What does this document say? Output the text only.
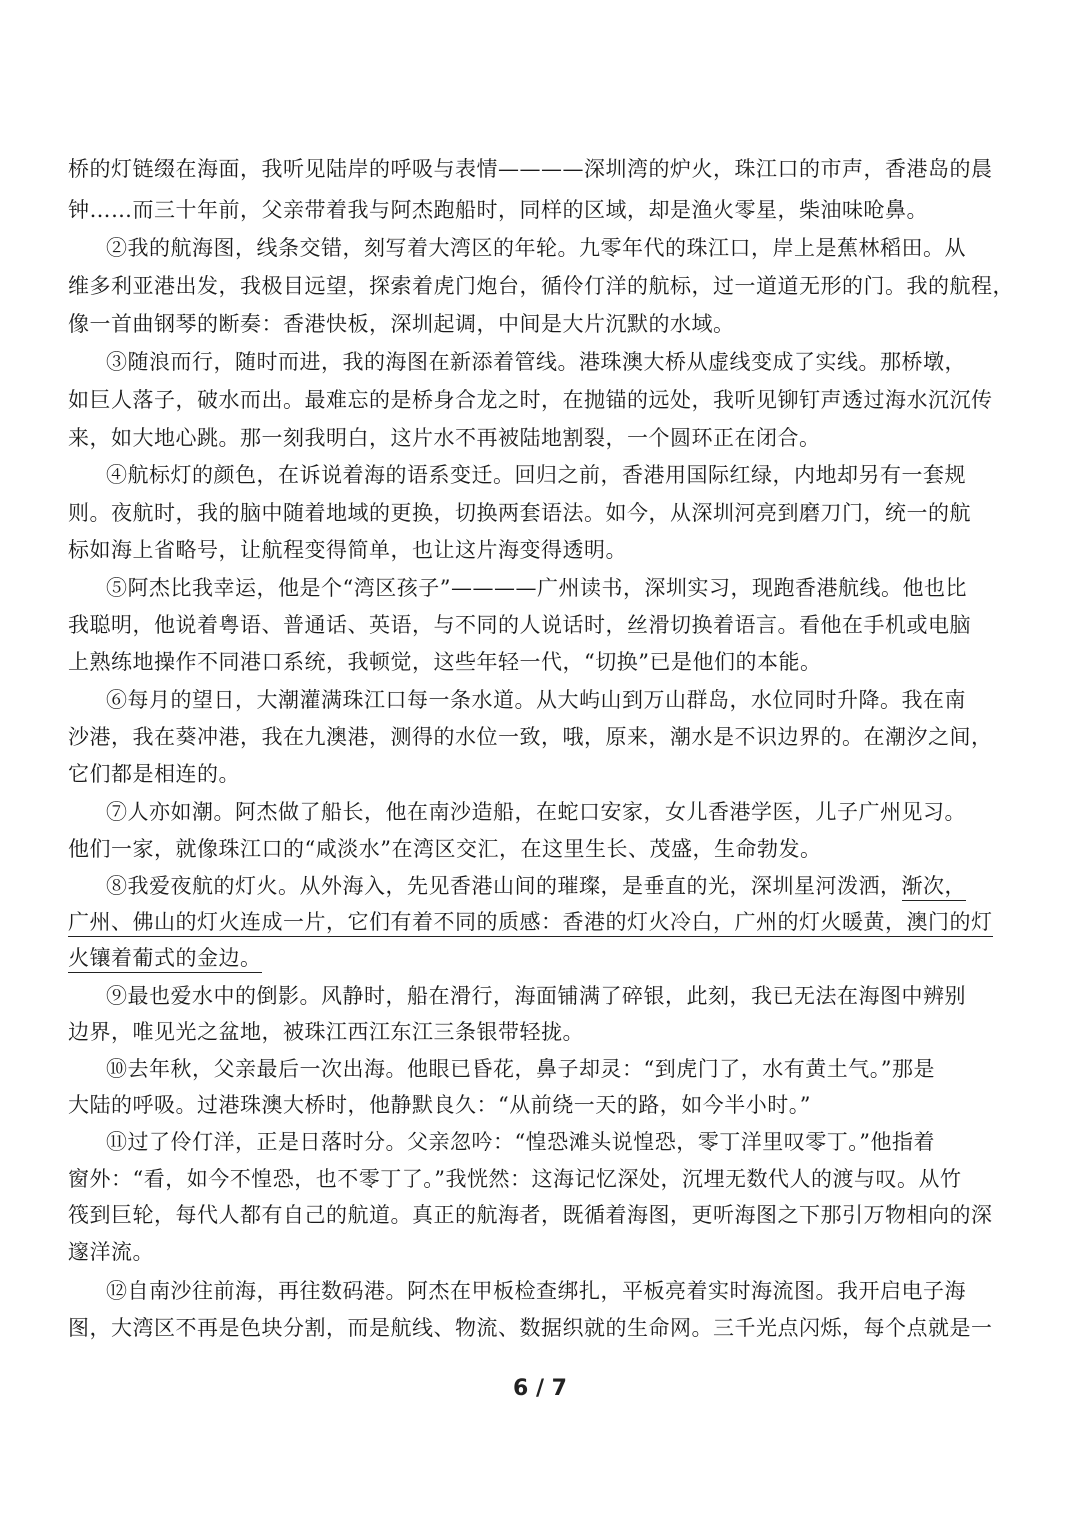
桥的灯链缀在海面，我听见陆岸的呼吸与表情————深圳湾的炉火，珠江口的市声，香港岛的晨
钟……而三十年前，父亲带着我与阿杰跑船时，同样的区域，却是渔火零星，柴油味呛鼻。
②我的航海图，线条交错，刻写着大湾区的年轮。九零年代的珠江口，岸上是蕉林稻田。从
维多利亚港出发，我极目远望，探索着虎门炮台，循伶仃洋的航标，过一道道无形的门。我的航程，
像一首曲钢琴的断奏：香港快板，深圳起调，中间是大片沉默的水域。
③随浪而行，随时而进，我的海图在新添着管线。港珠澳大桥从虚线变成了实线。那桥墩，
如巨人落子，破水而出。最难忘的是桥身合龙之时，在抛锚的远处，我听见铆钉声透过海水沉沉传
来，如大地心跳。那一刻我明白，这片水不再被陆地割裂，一个圆环正在闭合。
④航标灯的颜色，在诉说着海的语系变迁。回归之前，香港用国际红绿，内地却另有一套规
则。夜航时，我的脑中随着地域的更换，切换两套语法。如今，从深圳河亮到磨刀门，统一的航
标如海上省略号，让航程变得简单，也让这片海变得透明。
⑤阿杰比我幸运，他是个“湾区孩子”————广州读书，深圳实习，现跑香港航线。他也比
我聪明，他说着粤语、普通话、英语，与不同的人说话时，丝滑切换着语言。看他在手机或电脑
上熟练地操作不同港口系统，我顿觉，这些年轻一代，“切换”已是他们的本能。
⑥每月的望日，大潮灌满珠江口每一条水道。从大屿山到万山群岛，水位同时升降。我在南
沙港，我在葵冲港，我在九澳港，测得的水位一致，哦，原来，潮水是不识边界的。在潮汐之间，
它们都是相连的。
⑦人亦如潮。阿杰做了船长，他在南沙造船，在蛇口安家，女儿香港学医，儿子广州见习。
他们一家，就像珠江口的“咸淡水”在湾区交汇，在这里生长、茂盛，生命勃发。
⑧我爱夜航的灯火。从外海入，先见香港山间的璀璨，是垂直的光，深圳星河泼洒，渐次，
广州、佛山的灯火连成一片，它们有着不同的质感：香港的灯火冷白，广州的灯火暖黄，澳门的灯
火镶着葡式的金边。
⑨最也爱水中的倒影。风静时，船在滑行，海面铺满了碎银，此刻，我已无法在海图中辨别
边界，唯见光之盆地，被珠江西江东江三条银带轻拢。
⑩去年秋，父亲最后一次出海。他眼已昏花，鼻子却灵：“到虎门了，水有黄土气。”那是
大陆的呼吸。过港珠澳大桥时，他静默良久：“从前绕一天的路，如今半小时。”
⑪过了伶仃洋，正是日落时分。父亲忽吟：“惶恐滩头说惶恐，零丁洋里叹零丁。”他指着
窗外：“看，如今不惶恐，也不零丁了。”我恍然：这海记忆深处，沉埋无数代人的渡与叹。从竹
筏到巨轮，每代人都有自己的航道。真正的航海者，既循着海图，更听海图之下那引万物相向的深
邃洋流。
⑫自南沙往前海，再往数码港。阿杰在甲板检查绑扎，平板亮着实时海流图。我开启电子海
图，大湾区不再是色块分割，而是航线、物流、数据织就的生命网。三千光点闪烁，每个点就是一
6 / 7
